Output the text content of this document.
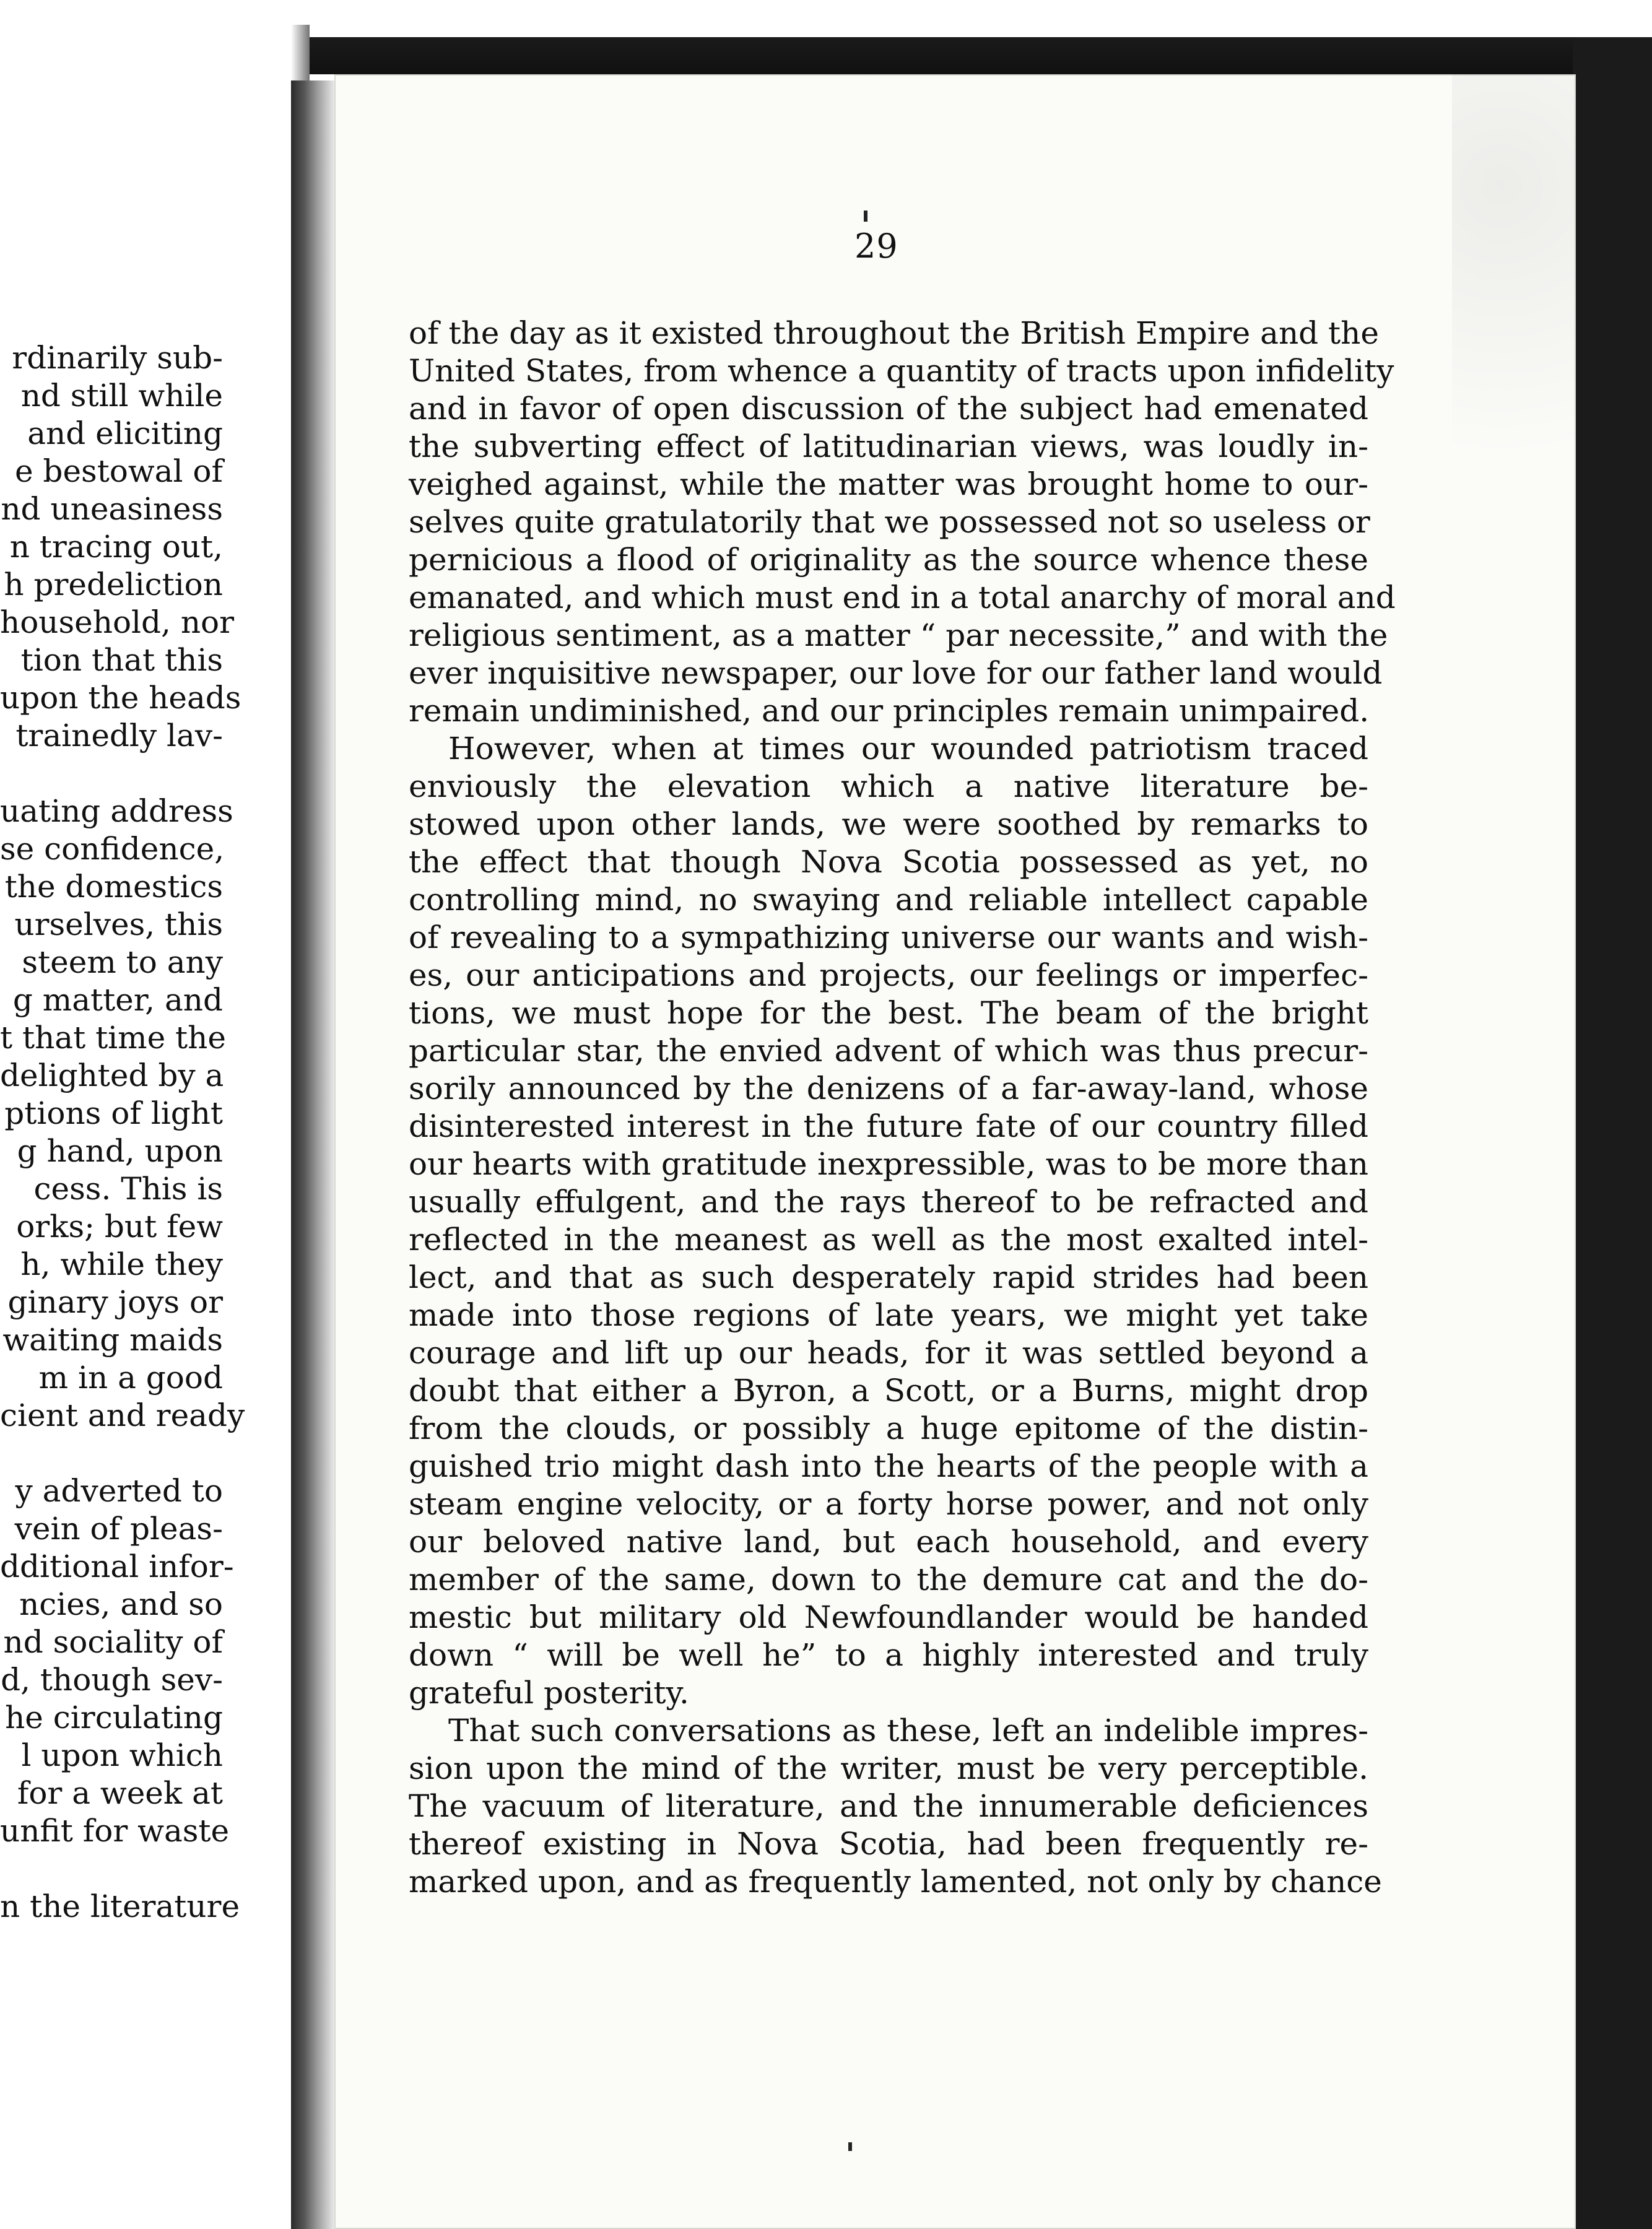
rdinarily sub-
nd still while
and eliciting
e bestowal of
nd uneasiness
n tracing out,
h predeliction
household, nor
tion that this
upon the heads
trainedly lav-
uating address
se confidence,
the domestics
urselves, this
steem to any
g matter, and
t that time the
delighted by a
ptions of light
g hand, upon
cess. This is
orks; but few
h, while they
ginary joys or
waiting maids
m in a good
cient and ready
y adverted to
vein of pleas-
dditional infor-
ncies, and so
nd sociality of
d, though sev-
he circulating
l upon which
for a week at
unfit for waste
n the literature
29
of the day as it existed throughout the British Empire and the
United States, from whence a quantity of tracts upon infidelity
and in favor of open discussion of the subject had emenated
the subverting effect of latitudinarian views, was loudly in-
veighed against, while the matter was brought home to our-
selves quite gratulatorily that we possessed not so useless or
pernicious a flood of originality as the source whence these
emanated, and which must end in a total anarchy of moral and
religious sentiment, as a matter “ par necessite,” and with the
ever inquisitive newspaper, our love for our father land would
remain undiminished, and our principles remain unimpaired.
However, when at times our wounded patriotism traced
enviously the elevation which a native literature be-
stowed upon other lands, we were soothed by remarks to
the effect that though Nova Scotia possessed as yet, no
controlling mind, no swaying and reliable intellect capable
of revealing to a sympathizing universe our wants and wish-
es, our anticipations and projects, our feelings or imperfec-
tions, we must hope for the best. The beam of the bright
particular star, the envied advent of which was thus precur-
sorily announced by the denizens of a far-away-land, whose
disinterested interest in the future fate of our country filled
our hearts with gratitude inexpressible, was to be more than
usually effulgent, and the rays thereof to be refracted and
reflected in the meanest as well as the most exalted intel-
lect, and that as such desperately rapid strides had been
made into those regions of late years, we might yet take
courage and lift up our heads, for it was settled beyond a
doubt that either a Byron, a Scott, or a Burns, might drop
from the clouds, or possibly a huge epitome of the distin-
guished trio might dash into the hearts of the people with a
steam engine velocity, or a forty horse power, and not only
our beloved native land, but each household, and every
member of the same, down to the demure cat and the do-
mestic but military old Newfoundlander would be handed
down “ will be well he” to a highly interested and truly
grateful posterity.
That such conversations as these, left an indelible impres-
sion upon the mind of the writer, must be very perceptible.
The vacuum of literature, and the innumerable deficiences
thereof existing in Nova Scotia, had been frequently re-
marked upon, and as frequently lamented, not only by chance
